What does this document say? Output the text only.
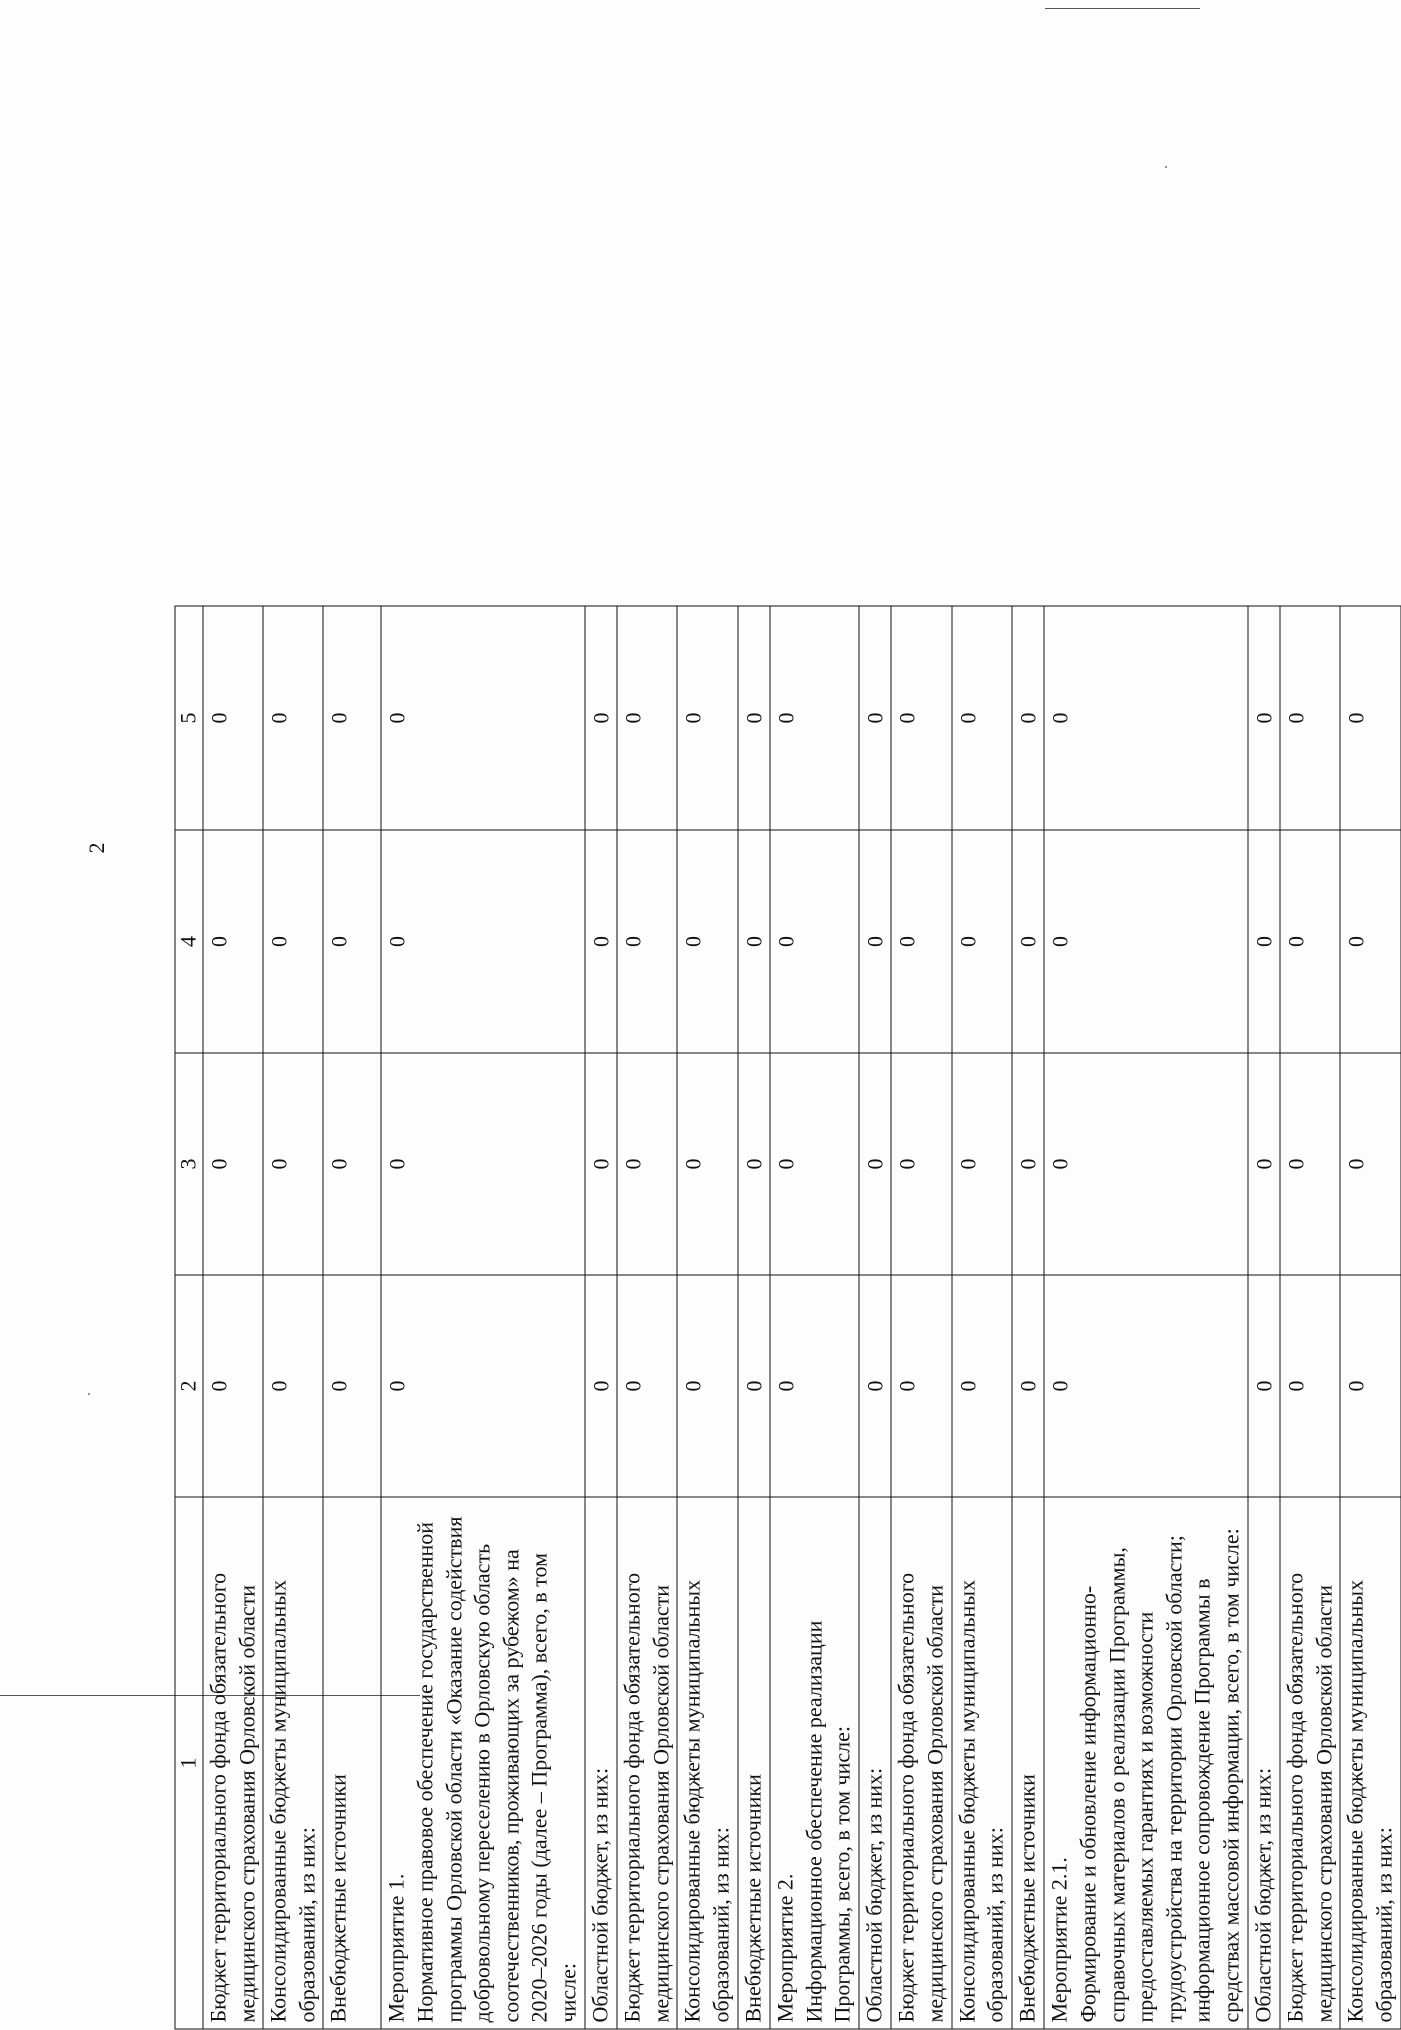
2
1	2	3	4	5
Бюджет территориального фонда обязательного медицинского страхования Орловской области	0	0	0	0
Консолидированные бюджеты муниципальных образований, из них:	0	0	0	0
Внебюджетные источники	0	0	0	0
Мероприятие 1.
Нормативное правовое обеспечение государственной программы Орловской области «Оказание содействия добровольному переселению в Орловскую область соотечественников, проживающих за рубежом» на 2020–2026 годы (далее – Программа), всего, в том числе:	0	0	0	0
Областной бюджет, из них:	0	0	0	0
Бюджет территориального фонда обязательного медицинского страхования Орловской области	0	0	0	0
Консолидированные бюджеты муниципальных образований, из них:	0	0	0	0
Внебюджетные источники	0	0	0	0
Мероприятие 2.
Информационное обеспечение реализации Программы, всего, в том числе:	0	0	0	0
Областной бюджет, из них:	0	0	0	0
Бюджет территориального фонда обязательного медицинского страхования Орловской области	0	0	0	0
Консолидированные бюджеты муниципальных образований, из них:	0	0	0	0
Внебюджетные источники	0	0	0	0
Мероприятие 2.1.
Формирование и обновление информационно-справочных материалов о реализации Программы, предоставляемых гарантиях и возможности трудоустройства на территории Орловской области; информационное сопровождение Программы в средствах массовой информации, всего, в том числе:	0	0	0	0
Областной бюджет, из них:	0	0	0	0
Бюджет территориального фонда обязательного медицинского страхования Орловской области	0	0	0	0
Консолидированные бюджеты муниципальных образований, из них:	0	0	0	0
